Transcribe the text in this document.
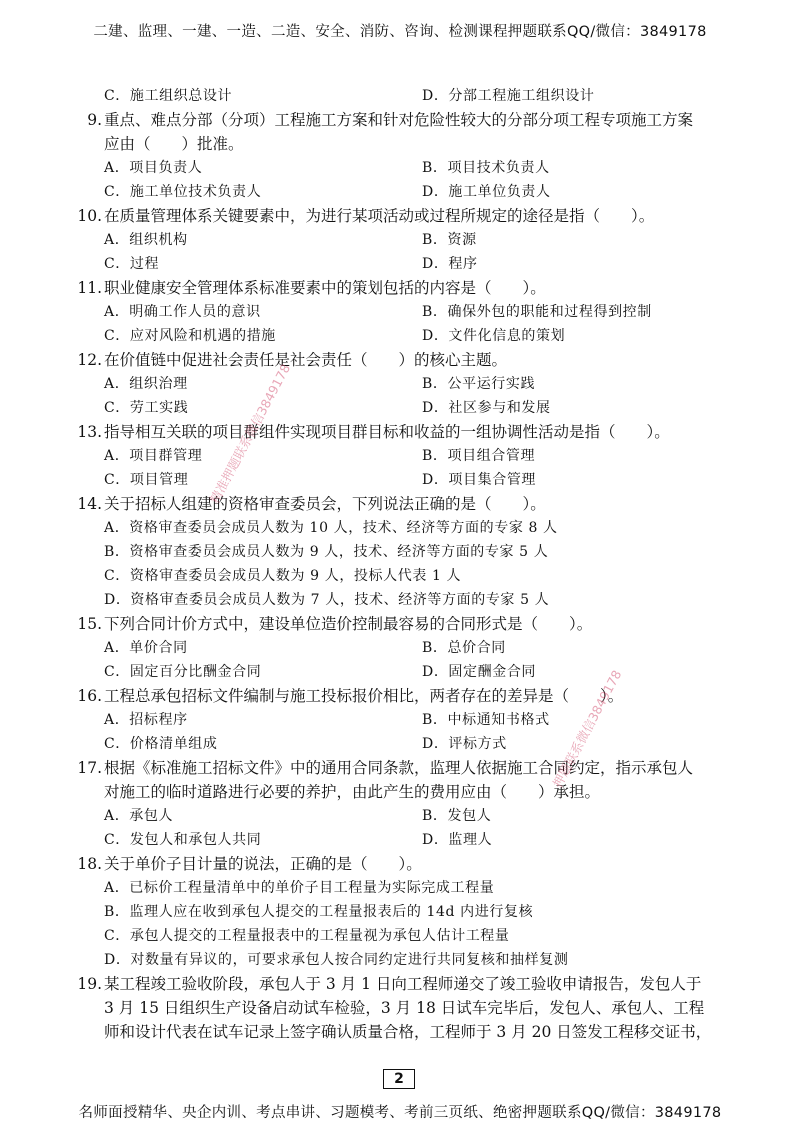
二建、监理、一建、一造、二造、安全、消防、咨询、检测课程押题联系QQ/微信：3849178
C．施工组织总设计	D．分部工程施工组织设计
9. 重点、难点分部（分项）工程施工方案和针对危险性较大的分部分项工程专项施工方案
应由（　　）批准。
A．项目负责人	B．项目技术负责人
C．施工单位技术负责人	D．施工单位负责人
10. 在质量管理体系关键要素中，为进行某项活动或过程所规定的途径是指（　　）。
A．组织机构	B．资源
C．过程	D．程序
11. 职业健康安全管理体系标准要素中的策划包括的内容是（　　）。
A．明确工作人员的意识	B．确保外包的职能和过程得到控制
C．应对风险和机遇的措施	D．文件化信息的策划
12. 在价值链中促进社会责任是社会责任（　　）的核心主题。
A．组织治理	B．公平运行实践
C．劳工实践	D．社区参与和发展
13. 指导相互关联的项目群组件实现项目群目标和收益的一组协调性活动是指（　　）。
A．项目群管理	B．项目组合管理
C．项目管理	D．项目集合管理
14. 关于招标人组建的资格审查委员会，下列说法正确的是（　　）。
A．资格审查委员会成员人数为 10 人，技术、经济等方面的专家 8 人
B．资格审查委员会成员人数为 9 人，技术、经济等方面的专家 5 人
C．资格审查委员会成员人数为 9 人，投标人代表 1 人
D．资格审查委员会成员人数为 7 人，技术、经济等方面的专家 5 人
15. 下列合同计价方式中，建设单位造价控制最容易的合同形式是（　　）。
A．单价合同	B．总价合同
C．固定百分比酬金合同	D．固定酬金合同
16. 工程总承包招标文件编制与施工投标报价相比，两者存在的差异是（　　）。
A．招标程序	B．中标通知书格式
C．价格清单组成	D．评标方式
17. 根据《标准施工招标文件》中的通用合同条款，监理人依据施工合同约定，指示承包人
对施工的临时道路进行必要的养护，由此产生的费用应由（　　）承担。
A．承包人	B．发包人
C．发包人和承包人共同	D．监理人
18. 关于单价子目计量的说法，正确的是（　　）。
A．已标价工程量清单中的单价子目工程量为实际完成工程量
B．监理人应在收到承包人提交的工程量报表后的 14d 内进行复核
C．承包人提交的工程量报表中的工程量视为承包人估计工程量
D．对数量有异议的，可要求承包人按合同约定进行共同复核和抽样复测
19. 某工程竣工验收阶段，承包人于 3 月 1 日向工程师递交了竣工验收申请报告，发包人于
3 月 15 日组织生产设备启动试车检验，3 月 18 日试车完毕后，发包人、承包人、工程
师和设计代表在试车记录上签字确认质量合格，工程师于 3 月 20 日签发工程移交证书，
精准押题联系微信3849178
押题联系微信3849178
2
名师面授精华、央企内训、考点串讲、习题模考、考前三页纸、绝密押题联系QQ/微信：3849178
